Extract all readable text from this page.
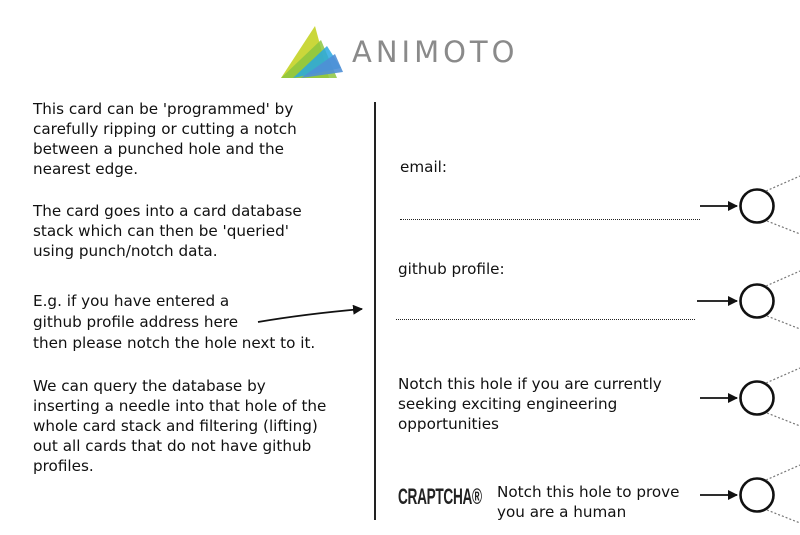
ANIMOTO

This card can be 'programmed' by
carefully ripping or cutting a notch
between a punched hole and the
nearest edge.

The card goes into a card database
stack which can then be 'queried'
using punch/notch data.

E.g. if you have entered a
github profile address here
then please notch the hole next to it.

We can query the database by
inserting a needle into that hole of the
whole card stack and filtering (lifting)
out all cards that do not have github
profiles.

email:
github profile:
Notch this hole if you are currently
seeking exciting engineering
opportunities
CRAPTCHA® Notch this hole to prove
you are a human
